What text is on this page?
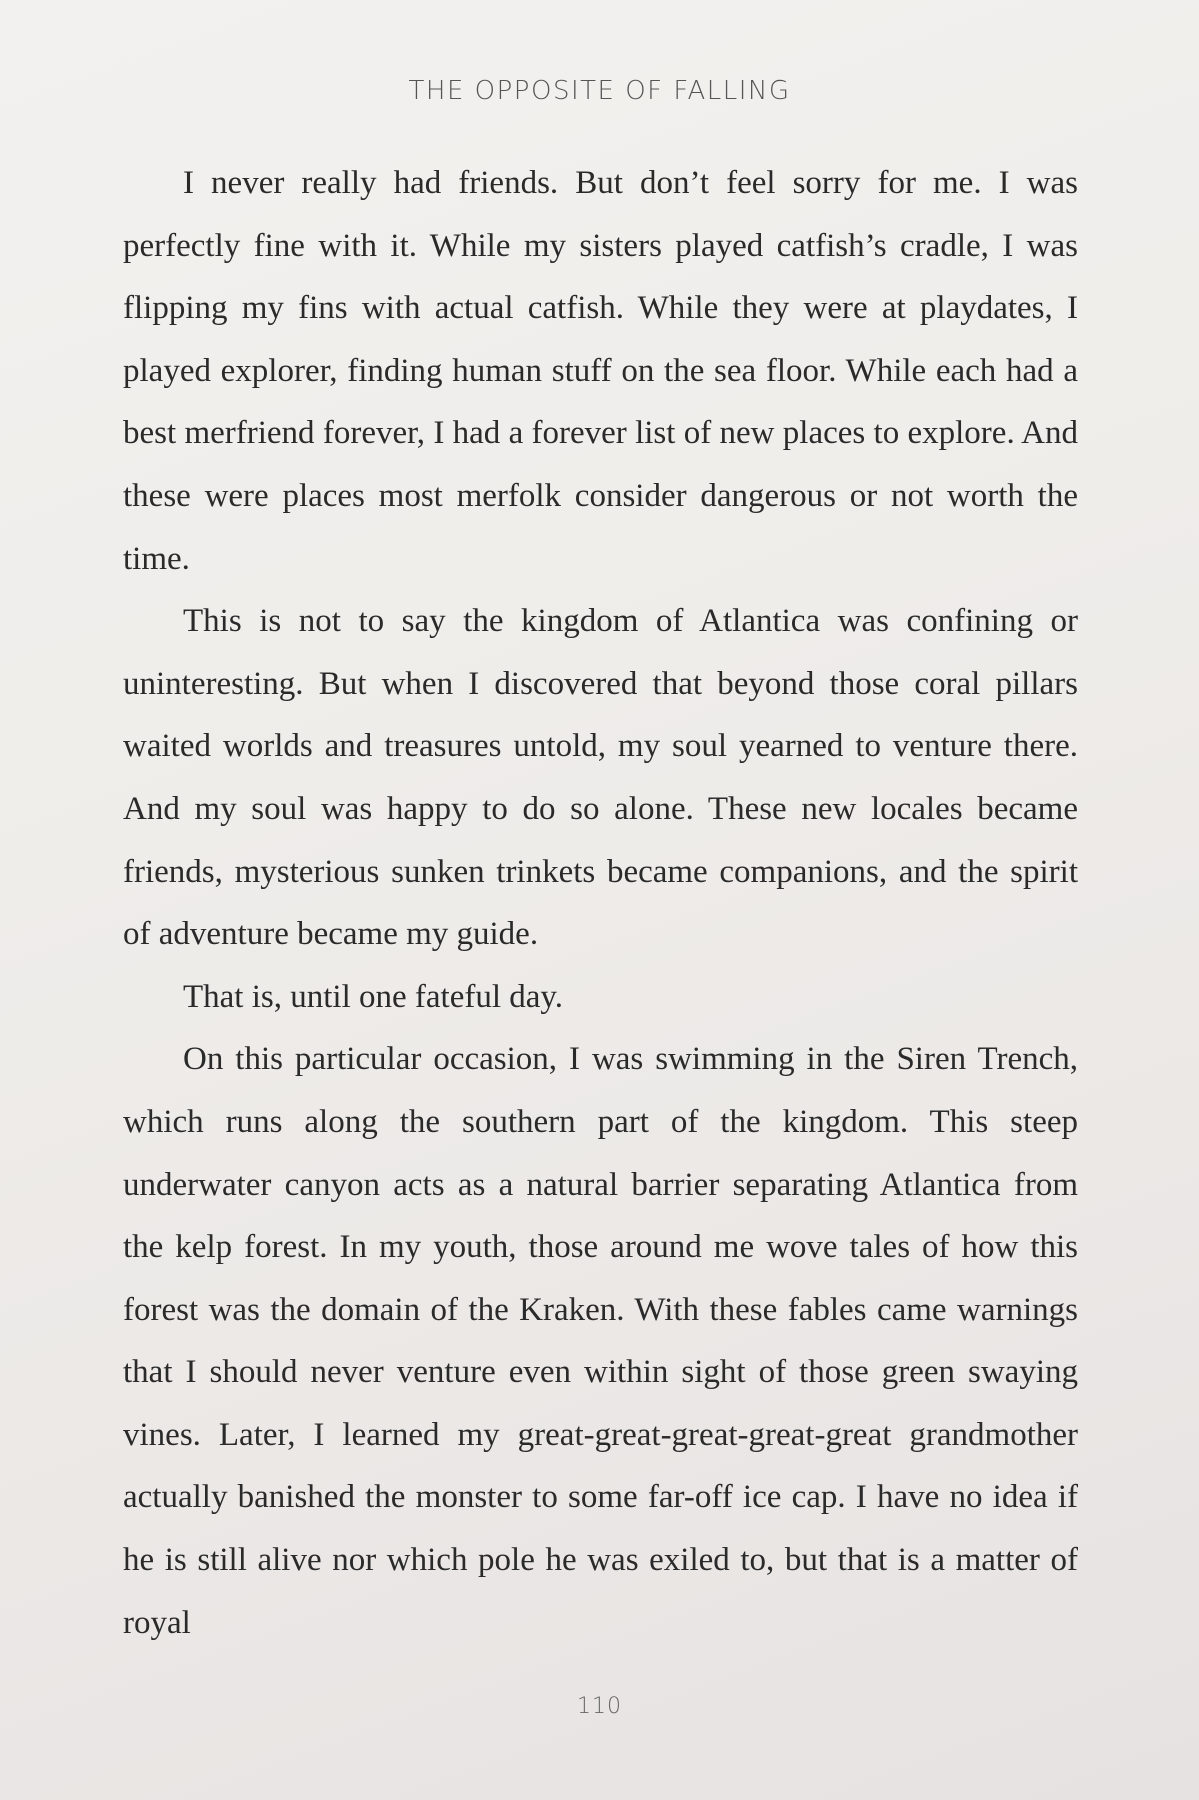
THE OPPOSITE OF FALLING

I never really had friends. But don’t feel sorry for me. I was perfectly fine with it. While my sisters played catfish’s cradle, I was flipping my fins with actual catfish. While they were at playdates, I played explorer, finding human stuff on the sea floor. While each had a best merfriend forever, I had a forever list of new places to explore. And these were places most merfolk consider dangerous or not worth the time.

This is not to say the kingdom of Atlantica was confining or uninteresting. But when I discovered that beyond those coral pillars waited worlds and treasures untold, my soul yearned to venture there. And my soul was happy to do so alone. These new locales became friends, mysterious sunken trinkets became companions, and the spirit of adventure became my guide.

That is, until one fateful day.

On this particular occasion, I was swimming in the Siren Trench, which runs along the southern part of the kingdom. This steep underwater canyon acts as a natural barrier separating Atlantica from the kelp forest. In my youth, those around me wove tales of how this forest was the domain of the Kraken. With these fables came warnings that I should never venture even within sight of those green swaying vines. Later, I learned my great-great-great-great-great grandmother actually banished the monster to some far-off ice cap. I have no idea if he is still alive nor which pole he was exiled to, but that is a matter of royal

110
